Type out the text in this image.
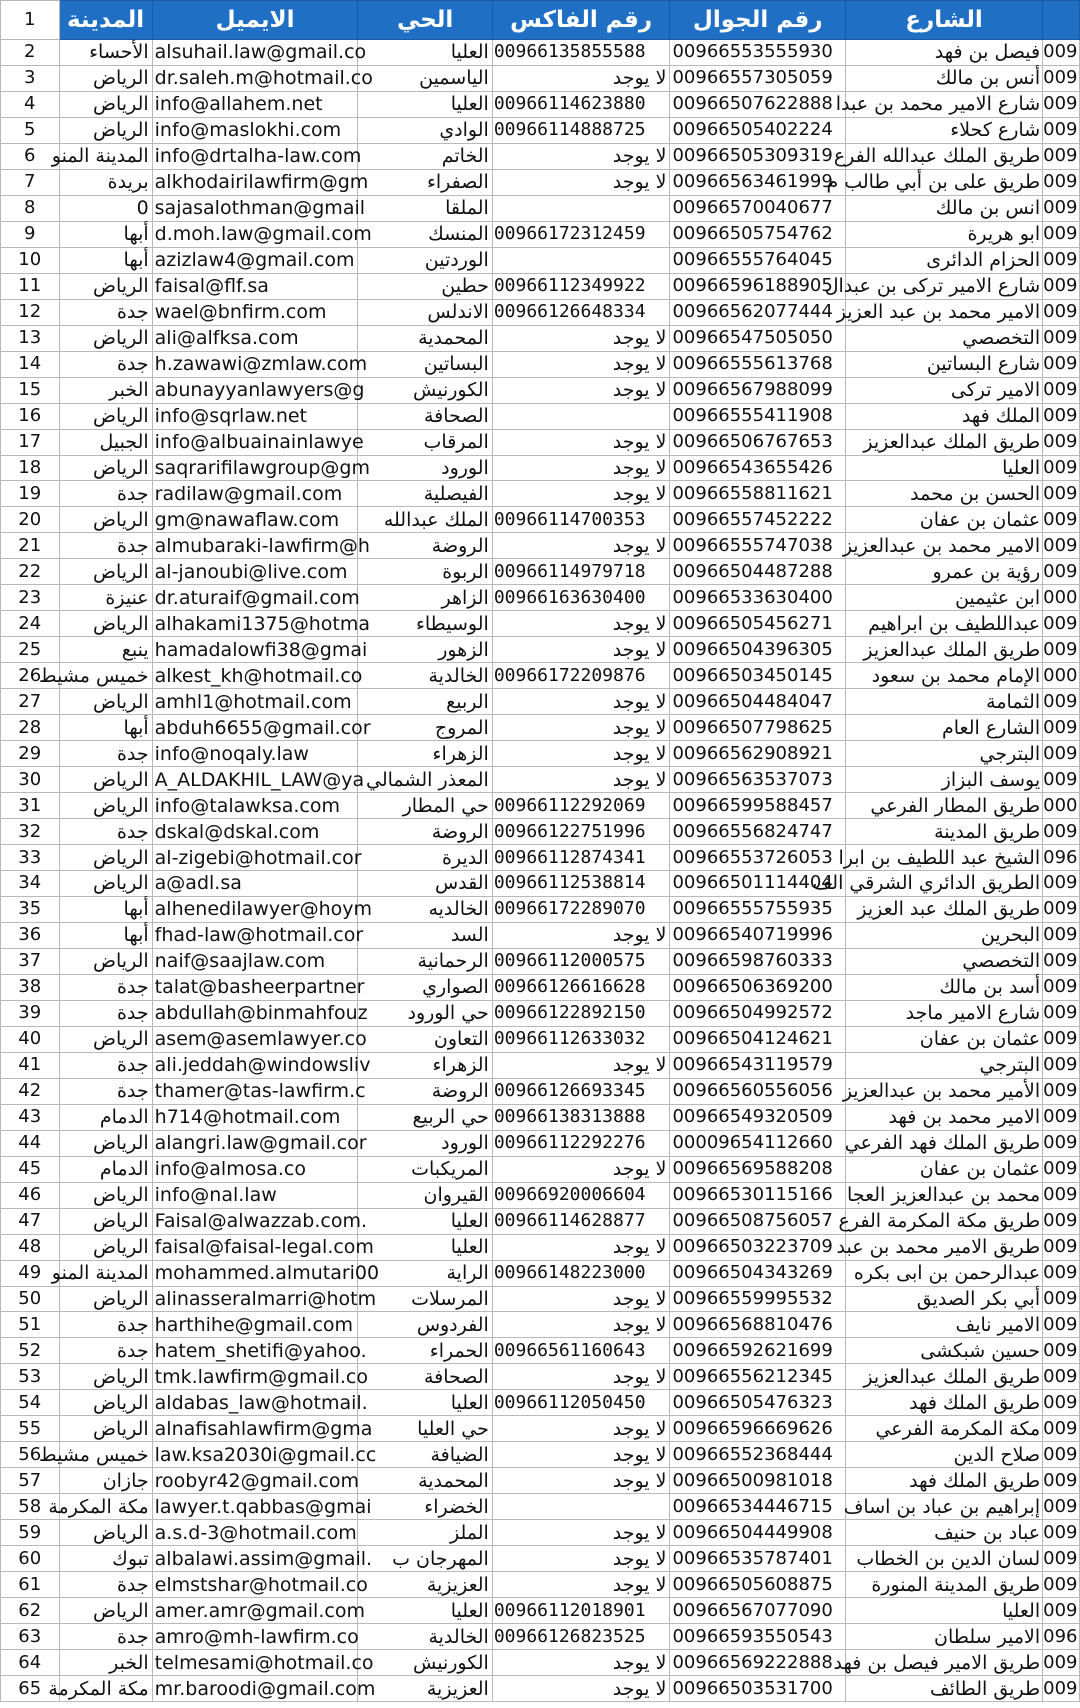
1	المدينة	الايميل	الحي	رقم الفاكس	رقم الجوال	الشارع	
2	الأحساء	alsuhail.law@gmail.co	العليا	00966135855588	00966553555930	فيصل بن فهد	009
3	الرياض	dr.saleh.m@hotmail.co	الياسمين	لا يوجد	00966557305059	أنس بن مالك	009
4	الرياض	info@allahem.net	العليا	00966114623880	00966507622888	شارع الامير محمد بن عبدا	009
5	الرياض	info@maslokhi.com	الوادي	00966114888725	00966505402224	شارع كحلاء	009
6	المدينة المنو	info@drtalha-law.com	الخاتم	لا يوجد	00966505309319	طريق الملك عبدالله الفرع	009
7	بريدة	alkhodairilawfirm@gm	الصفراء	لا يوجد	00966563461999	طريق على بن أبي طالب م	009
8	0	sajasalothman@gmail	الملقا		00966570040677	انس بن مالك	009
9	أبها	d.moh.law@gmail.com	المنسك	00966172312459	00966505754762	ابو هريرة	009
10	أبها	azizlaw4@gmail.com	الوردتين		00966555764045	الحزام الدائرى	009
11	الرياض	faisal@flf.sa	حطين	00966112349922	00966596188905	شارع الامير تركى بن عبدال	009
12	جدة	wael@bnfirm.com	الاندلس	00966126648334	00966562077444	الامير محمد بن عبد العزيز	009
13	الرياض	ali@alfksa.com	المحمدية	لا يوجد	00966547505050	التخصصي	009
14	جدة	h.zawawi@zmlaw.com	البساتين	لا يوجد	00966555613768	شارع البساتين	009
15	الخبر	abunayyanlawyers@g	الكورنيش	لا يوجد	00966567988099	الامير تركى	009
16	الرياض	info@sqrlaw.net	الصحافة		00966555411908	الملك فهد	009
17	الجبيل	info@albuainainlawye	المرقاب	لا يوجد	00966506767653	طريق الملك عبدالعزيز	009
18	الرياض	saqrarifilawgroup@gm	الورود	لا يوجد	00966543655426	العليا	009
19	جدة	radilaw@gmail.com	الفيصلية	لا يوجد	00966558811621	الحسن بن محمد	009
20	الرياض	gm@nawaflaw.com	الملك عبدالله	00966114700353	00966557452222	عثمان بن عفان	009
21	جدة	almubaraki-lawfirm@h	الروضة	لا يوجد	00966555747038	الامير محمد بن عبدالعزيز	009
22	الرياض	al-janoubi@live.com	الربوة	00966114979718	00966504487288	رؤية بن عمرو	009
23	عنيزة	dr.aturaif@gmail.com	الزاهر	00966163630400	00966533630400	ابن عثيمين	000
24	الرياض	alhakami1375@hotma	الوسيطاء	لا يوجد	00966505456271	عبداللطيف بن ابراهيم	009
25	ينبع	hamadalowfi38@gmai	الزهور	لا يوجد	00966504396305	طريق الملك عبدالعزيز	009
26	خميس مشيط	alkest_kh@hotmail.co	الخالدية	00966172209876	00966503450145	الإمام محمد بن سعود	000
27	الرياض	amhl1@hotmail.com	الربيع	لا يوجد	00966504484047	الثمامة	009
28	أبها	abduh6655@gmail.cor	المروج	لا يوجد	00966507798625	الشارع العام	009
29	جدة	info@noqaly.law	الزهراء	لا يوجد	00966562908921	البترجي	009
30	الرياض	A_ALDAKHIL_LAW@ya	المعذر الشمالي	لا يوجد	00966563537073	يوسف البزاز	009
31	الرياض	info@talawksa.com	حي المطار	00966112292069	00966599588457	طريق المطار الفرعي	000
32	جدة	dskal@dskal.com	الروضة	00966122751996	00966556824747	طريق المدينة	009
33	الرياض	al-zigebi@hotmail.cor	الديرة	00966112874341	00966553726053	الشيخ عبد اللطيف بن ابرا	096
34	الرياض	a@adl.sa	القدس	00966112538814	00966501114404	الطريق الدائري الشرقي الف	009
35	أبها	alhenedilawyer@hoym	الخالديه	00966172289070	00966555755935	طريق الملك عبد العزيز	009
36	أبها	fhad-law@hotmail.cor	السد	لا يوجد	00966540719996	البحرين	009
37	الرياض	naif@saajlaw.com	الرحمانية	00966112000575	00966598760333	التخصصي	009
38	جدة	talat@basheerpartner	الصواري	00966126616628	00966506369200	أسد بن مالك	009
39	جدة	abdullah@binmahfouz	حي الورود	00966122892150	00966504992572	شارع الامير ماجد	009
40	الرياض	asem@asemlawyer.co	التعاون	00966112633032	00966504124621	عثمان بن عفان	009
41	جدة	ali.jeddah@windowsliv	الزهراء	لا يوجد	00966543119579	البترجي	009
42	جدة	thamer@tas-lawfirm.c	الروضة	00966126693345	00966560556056	الأمير محمد بن عبدالعزيز	009
43	الدمام	h714@hotmail.com	حي الربيع	00966138313888	00966549320509	الامير محمد بن فهد	009
44	الرياض	alangri.law@gmail.cor	الورود	00966112292276	00009654112660	طريق الملك فهد الفرعي	009
45	الدمام	info@almosa.co	المريكبات	لا يوجد	00966569588208	عثمان بن عفان	009
46	الرياض	info@nal.law	القيروان	00966920006604	00966530115166	محمد بن عبدالعزيز العجا	009
47	الرياض	Faisal@alwazzab.com.	العليا	00966114628877	00966508756057	طريق مكة المكرمة الفرع	009
48	الرياض	faisal@faisal-legal.com	العليا	لا يوجد	00966503223709	طريق الامير محمد بن عبد	009
49	المدينة المنو	mohammed.almutari00	الراية	00966148223000	00966504343269	عبدالرحمن بن ابى بكره	009
50	الرياض	alinasseralmarri@hotm	المرسلات	لا يوجد	00966559995532	أبي بكر الصديق	009
51	جدة	harthihe@gmail.com	الفردوس	لا يوجد	00966568810476	الامير نايف	009
52	جدة	hatem_shetifi@yahoo.	الحمراء	00966561160643	00966592621699	حسين شبكشى	009
53	الرياض	tmk.lawfirm@gmail.co	الصحافة	لا يوجد	00966556212345	طريق الملك عبدالعزيز	009
54	الرياض	aldabas_law@hotmail.	العليا	00966112050450	00966505476323	طريق الملك فهد	009
55	الرياض	alnafisahlawfirm@gma	حي العليا	لا يوجد	00966596669626	مكة المكرمة الفرعي	009
56	خميس مشيط	law.ksa2030i@gmail.cc	الضيافة	لا يوجد	00966552368444	صلاح الدين	009
57	جازان	roobyr42@gmail.com	المحمدية	لا يوجد	00966500981018	طريق الملك فهد	009
58	مكة المكرمة	lawyer.t.qabbas@gmai	الخضراء		00966534446715	إبراهيم بن عباد بن اساف	009
59	الرياض	a.s.d-3@hotmail.com	الملز	لا يوجد	00966504449908	عباد بن حنيف	009
60	تبوك	albalawi.assim@gmail.	المهرجان ب	لا يوجد	00966535787401	لسان الدين بن الخطاب	009
61	جدة	elmstshar@hotmail.co	العزيزية	لا يوجد	00966505608875	طريق المدينة المنورة	009
62	الرياض	amer.amr@gmail.com	العليا	00966112018901	00966567077090	العليا	009
63	جدة	amro@mh-lawfirm.co	الخالدية	00966126823525	00966593550543	الامير سلطان	096
64	الخبر	telmesami@hotmail.co	الكورنيش	لا يوجد	00966569222888	طريق الامير فيصل بن فهد	009
65	مكة المكرمة	mr.baroodi@gmail.com	العزيزية	لا يوجد	00966503531700	طريق الطائف	009
